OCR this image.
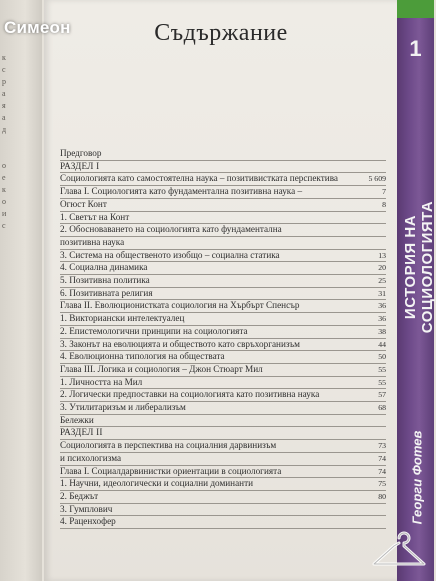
к
с
р
а
я
а
д

о
е
к
о
и
с
Съдържание
Предговор
РАЗДЕЛ I
Социологията като самостоятелна наука – позитивистката перспектива	5 609
Глава I. Социологията като фундаментална позитивна наука –	7
Огюст Конт	8
1. Светът на Конт
2. Обосноваването на социологията като фундаментална
позитивна наука
3. Система на общественото изобщо – социална статика	13
4. Социална динамика	20
5. Позитивна политика	25
6. Позитивната религия	31
Глава II. Еволюционистката социология на Хърбърт Спенсър	36
1. Викториански интелектуалец	36
2. Епистемологични принципи на социологията	38
3. Законът на еволюцията и обществото като свръхорганизъм	44
4. Еволюционна типология на обществата	50
Глава III. Логика и социология – Джон Стюарт Мил	55
1. Личността на Мил	55
2. Логически предпоставки на социологията като позитивна наука	57
3. Утилитаризъм и либерализъм	68
Бележки
РАЗДЕЛ II
Социологията в перспектива на социалния дарвинизъм	73
и психологизма	74
Глава I. Социалдарвинистки ориентации в социологията	74
1. Научни, идеологически и социални доминанти	75
2. Беджът	80
3. Гумплович
4. Раценхофер
1
ИСТОРИЯ НА СОЦИОЛОГИЯТА
Георги Фотев
Симеон
